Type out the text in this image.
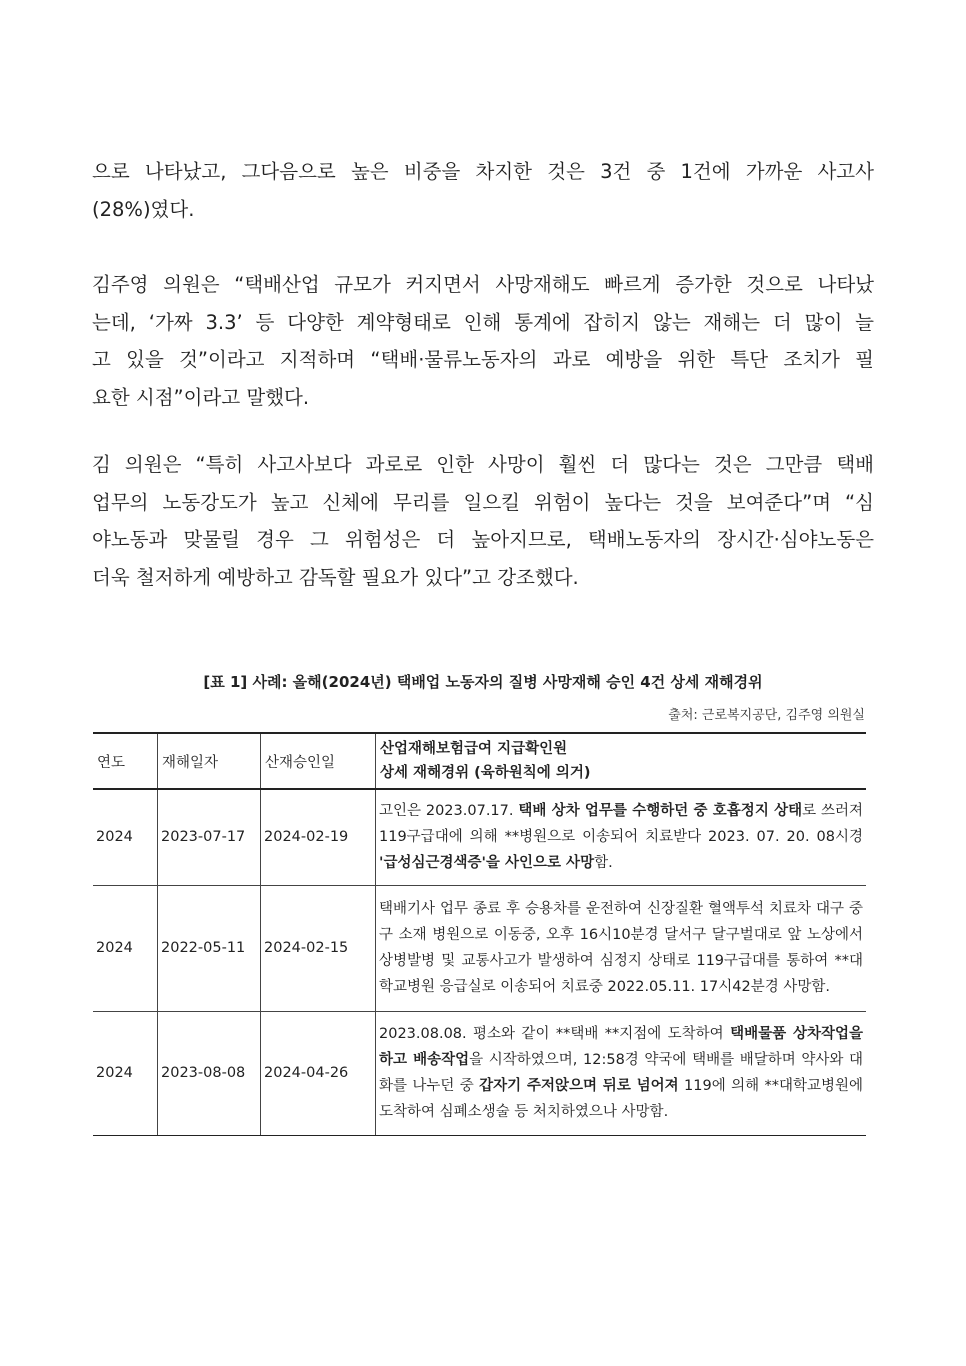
으로 나타났고, 그다음으로 높은 비중을 차지한 것은 3건 중 1건에 가까운 사고사
(28%)였다.
김주영 의원은 “택배산업 규모가 커지면서 사망재해도 빠르게 증가한 것으로 나타났
는데, ‘가짜 3.3’ 등 다양한 계약형태로 인해 통계에 잡히지 않는 재해는 더 많이 늘
고 있을 것”이라고 지적하며 “택배·물류노동자의 과로 예방을 위한 특단 조치가 필
요한 시점”이라고 말했다.
김 의원은 “특히 사고사보다 과로로 인한 사망이 훨씬 더 많다는 것은 그만큼 택배
업무의 노동강도가 높고 신체에 무리를 일으킬 위험이 높다는 것을 보여준다”며 “심
야노동과 맞물릴 경우 그 위험성은 더 높아지므로, 택배노동자의 장시간·심야노동은
더욱 철저하게 예방하고 감독할 필요가 있다”고 강조했다.
[표 1] 사례: 올해(2024년) 택배업 노동자의 질병 사망재해 승인 4건 상세 재해경위
출처: 근로복지공단, 김주영 의원실
연도	재해일자	산재승인일	산업재해보험급여 지급확인원
상세 재해경위 (육하원칙에 의거)

2024	2023-07-17	2024-02-19	고인은 2023.07.17. 택배 상차 업무를 수행하던 중 호흡정지 상태로 쓰러져 119구급대에 의해 **병원으로 이송되어 치료받다 2023. 07. 20. 08시경 '급성심근경색증'을 사인으로 사망함.
2024	2022-05-11	2024-02-15	택배기사 업무 종료 후 승용차를 운전하여 신장질환 혈액투석 치료차 대구 중구 소재 병원으로 이동중, 오후 16시10분경 달서구 달구벌대로 앞 노상에서 상병발병 및 교통사고가 발생하여 심정지 상태로 119구급대를 통하여 **대학교병원 응급실로 이송되어 치료중 2022.05.11. 17시42분경 사망함.
2024	2023-08-08	2024-04-26	2023.08.08. 평소와 같이 **택배 **지점에 도착하여 택배물품 상차작업을 하고 배송작업을 시작하였으며, 12:58경 약국에 택배를 배달하며 약사와 대화를 나누던 중 갑자기 주저앉으며 뒤로 넘어져 119에 의해 **대학교병원에 도착하여 심폐소생술 등 처치하였으나 사망함.
